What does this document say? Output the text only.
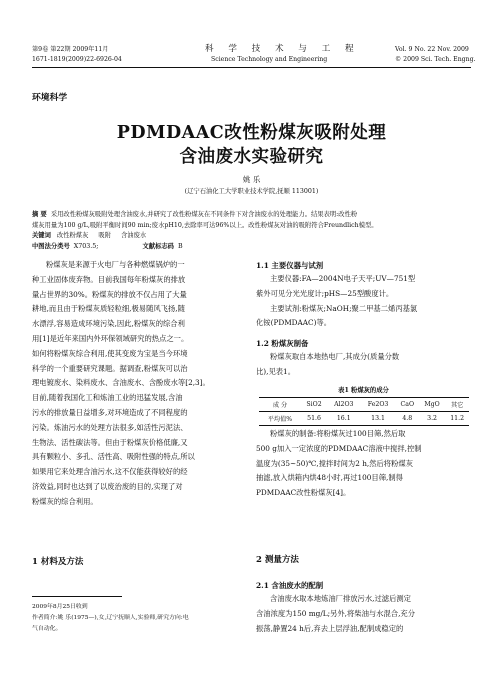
第9卷 第22期 2009年11月
1671-1819(2009)22-6926-04
科 学 技 术 与 工 程
Science Technology and Engineering
Vol. 9 No. 22 Nov. 2009
© 2009 Sci. Tech. Engng.
环境科学
PDMDAAC改性粉煤灰吸附处理
含油废水实验研究
姚 乐
(辽宁石油化工大学职业技术学院,抚顺 113001)
摘 要 采用改性粉煤灰吸附处理含油废水,并研究了改性粉煤灰在不同条件下对含油废水的处理能力。结果表明:改性粉
煤灰用量为100 g/L,吸附平衡时间90 min;废水pH10,去除率可达96%以上。改性粉煤灰对油的吸附符合Freundlich模型。
关键词 改性粉煤灰     吸附     含油废水
中图法分类号 X703.5;	文献标志码 B
粉煤灰是来源于火电厂与各种燃煤锅炉的一
种工业固体废弃物。目前我国每年粉煤灰的排放
量占世界的30%。粉煤灰的排放不仅占用了大量
耕地,而且由于粉煤灰质轻粒细,极易随风飞扬,随
水漂浮,容易造成环境污染,因此,粉煤灰的综合利
用[1]是近年来国内外环保领域研究的热点之一。
如何将粉煤灰综合利用,使其变废为宝是当今环境
科学的一个重要研究课题。据调查,粉煤灰可以治
理电镀废水、染料废水、含油废水、含酚废水等[2,3]。
目前,随着我国化工和炼油工业的迅猛发展,含油
污水的排放量日益增多,对环境造成了不同程度的
污染。炼油污水的处理方法很多,如活性污泥法、
生物法、活性碳法等。但由于粉煤灰价格低廉,又
具有颗粒小、多孔、活性高、吸附性强的特点,所以
如果用它来处理含油污水,这不仅能获得较好的经
济效益,同时也达到了以废治废的目的,实现了对
粉煤灰的综合利用。
1 材料及方法
2009年8月25日收到
作者简介:姚 乐(1975—),女,辽宁抚顺人,实验师,研究方向:电
气自动化。
1.1 主要仪器与试剂
主要仪器:FA—2004N电子天平;UV—751型
紫外可见分光光度计;pHS—25型酸度计。
主要试剂:粉煤灰;NaOH;聚二甲基二烯丙基氯
化铵(PDMDAAC)等。
1.2 粉煤灰制备
粉煤灰取自本地热电厂,其成分(质量分数
比),见表1。
表1 粉煤灰的成分
成 分	SiO2	Al2O3	Fe2O3	CaO	MgO	其它
平均值%	51.6	16.1	13.1	4.8	3.2	11.2
粉煤灰的制备:将粉煤灰过100目筛,然后取
500 g加入一定浓度的PDMDAAC溶液中搅拌,控制
温度为(35~50)℃,搅拌时间为2 h,然后将粉煤灰
抽滤,放入烘箱内烘48小时,再过100目筛,制得
PDMDAAC改性粉煤灰[4]。
2 测量方法
2.1 含油废水的配制
含油废水取本地炼油厂排放污水,过滤后测定
含油浓度为150 mg/L;另外,将柴油与水混合,充分
振荡,静置24 h后,弃去上层浮油,配制成稳定的
